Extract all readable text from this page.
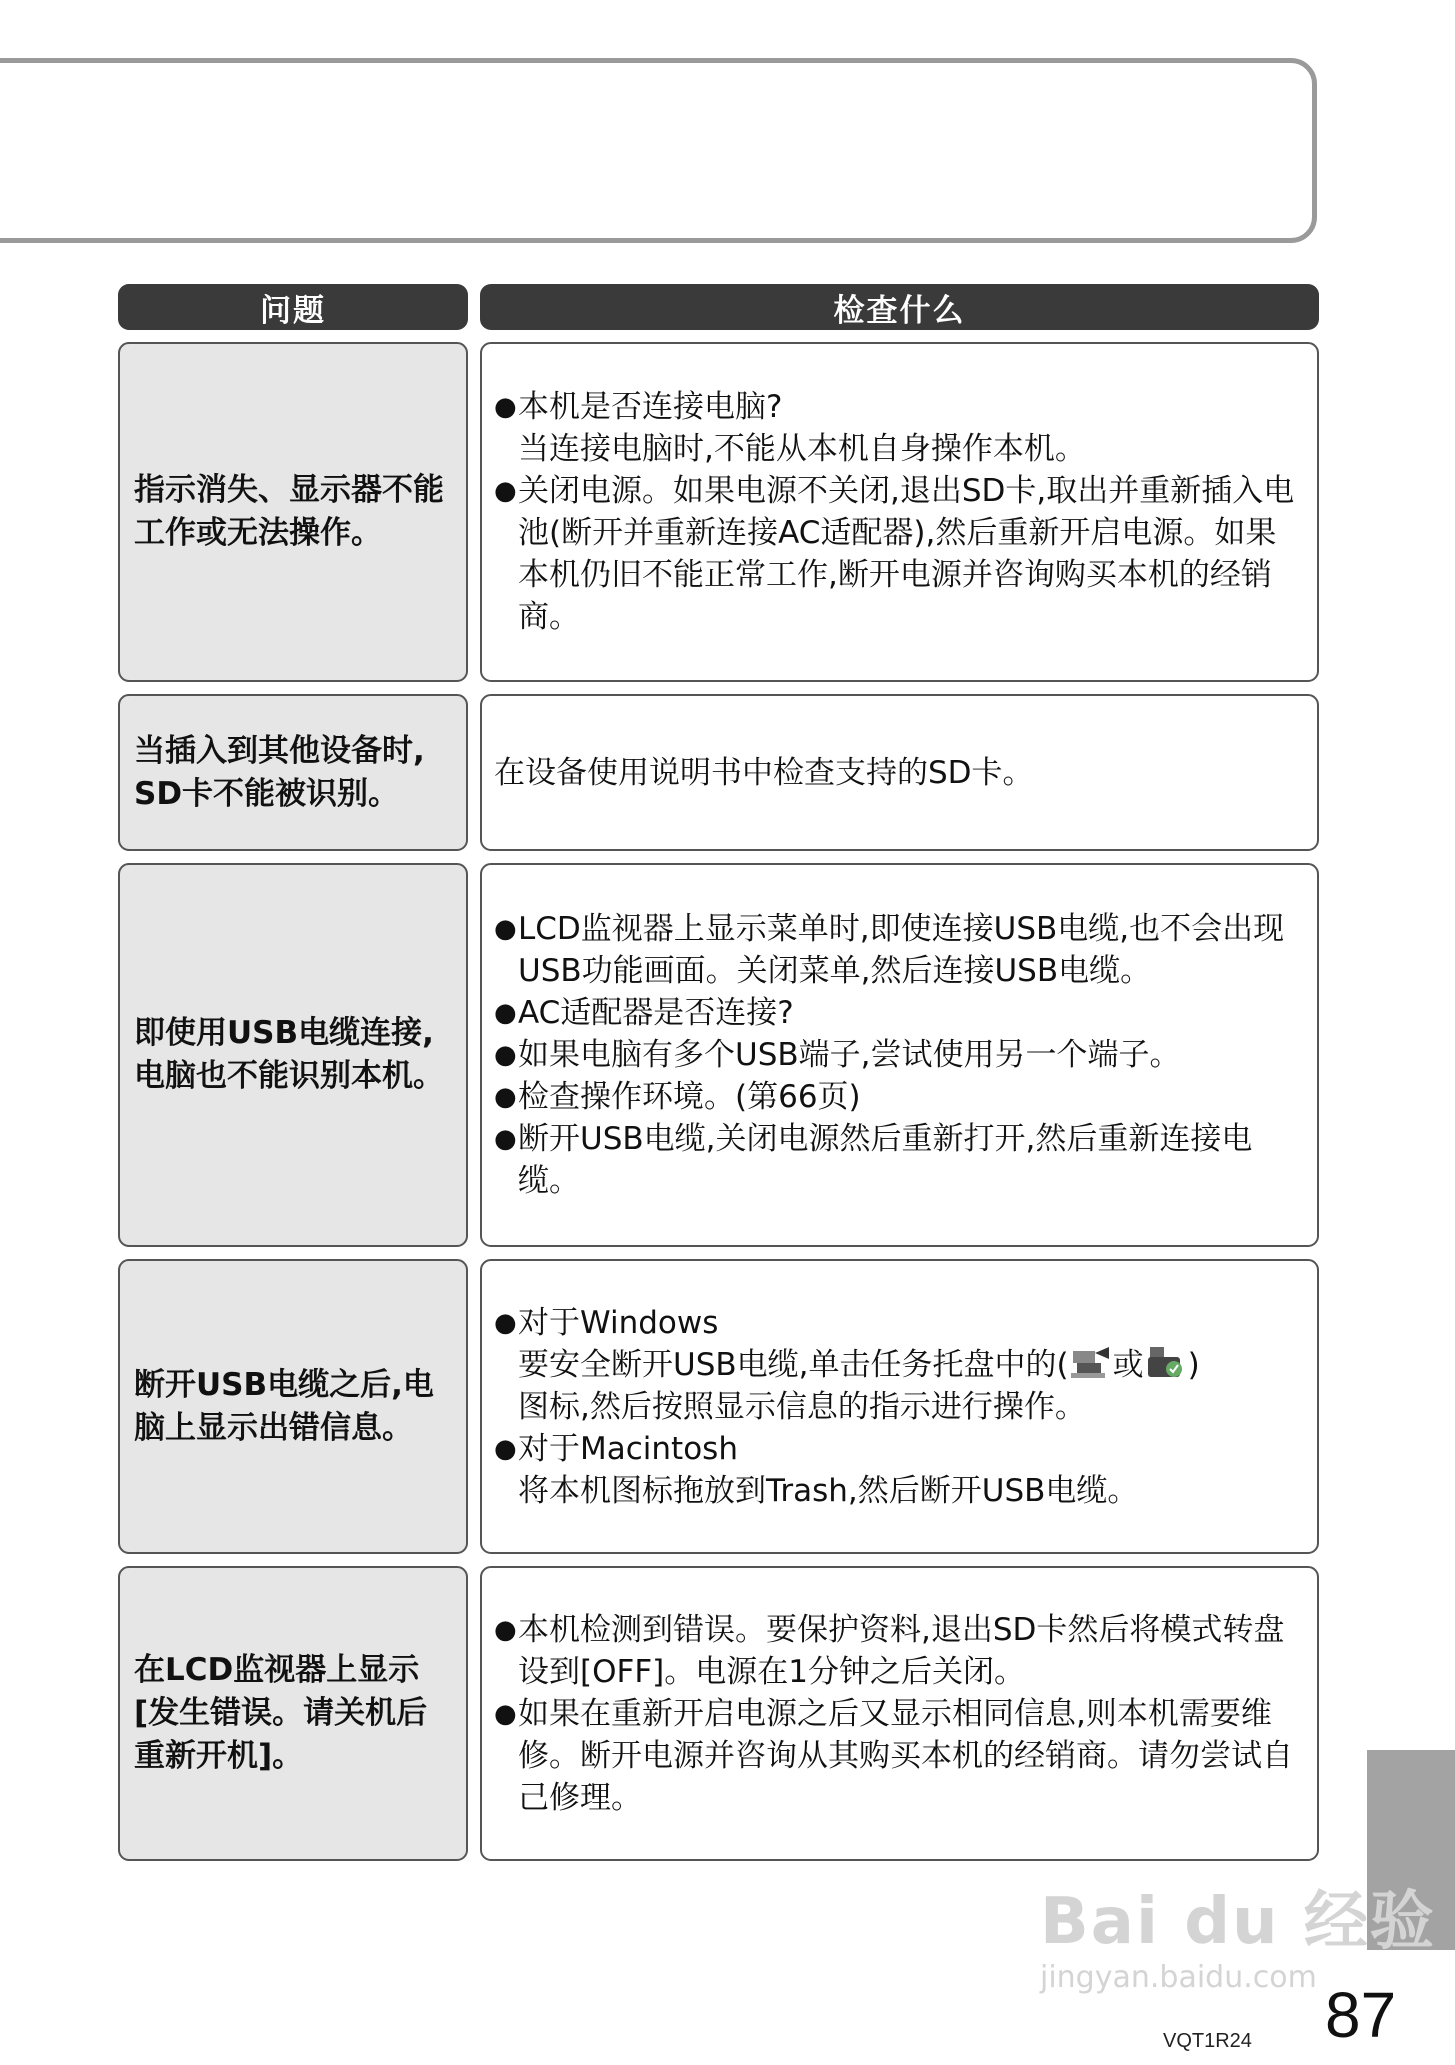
问题	检查什么
指示消失、显示器不能
工作或无法操作。
● 本机是否连接电脑?
当连接电脑时,不能从本机自身操作本机。
● 关闭电源。如果电源不关闭,退出SD卡,取出并重新插入电池(断开并重新连接AC适配器),然后重新开启电源。如果本机仍旧不能正常工作,断开电源并咨询购买本机的经销商。
当插入到其他设备时,
SD卡不能被识别。
在设备使用说明书中检查支持的SD卡。
即使用USB电缆连接,
电脑也不能识别本机。
● LCD监视器上显示菜单时,即使连接USB电缆,也不会出现USB功能画面。关闭菜单,然后连接USB电缆。
● AC适配器是否连接?
● 如果电脑有多个USB端子,尝试使用另一个端子。
● 检查操作环境。(第66页)
● 断开USB电缆,关闭电源然后重新打开,然后重新连接电缆。
断开USB电缆之后,电
脑上显示出错信息。
● 对于Windows
要安全断开USB电缆,单击任务托盘中的( 或 )
图标,然后按照显示信息的指示进行操作。
● 对于Macintosh
将本机图标拖放到Trash,然后断开USB电缆。
在LCD监视器上显示
[发生错误。请关机后
重新开机]。
● 本机检测到错误。要保护资料,退出SD卡然后将模式转盘设到[OFF]。电源在1分钟之后关闭。
● 如果在重新开启电源之后又显示相同信息,则本机需要维修。断开电源并咨询从其购买本机的经销商。请勿尝试自己修理。
Bai du 经验
jingyan.baidu.com
VQT1R24 87
